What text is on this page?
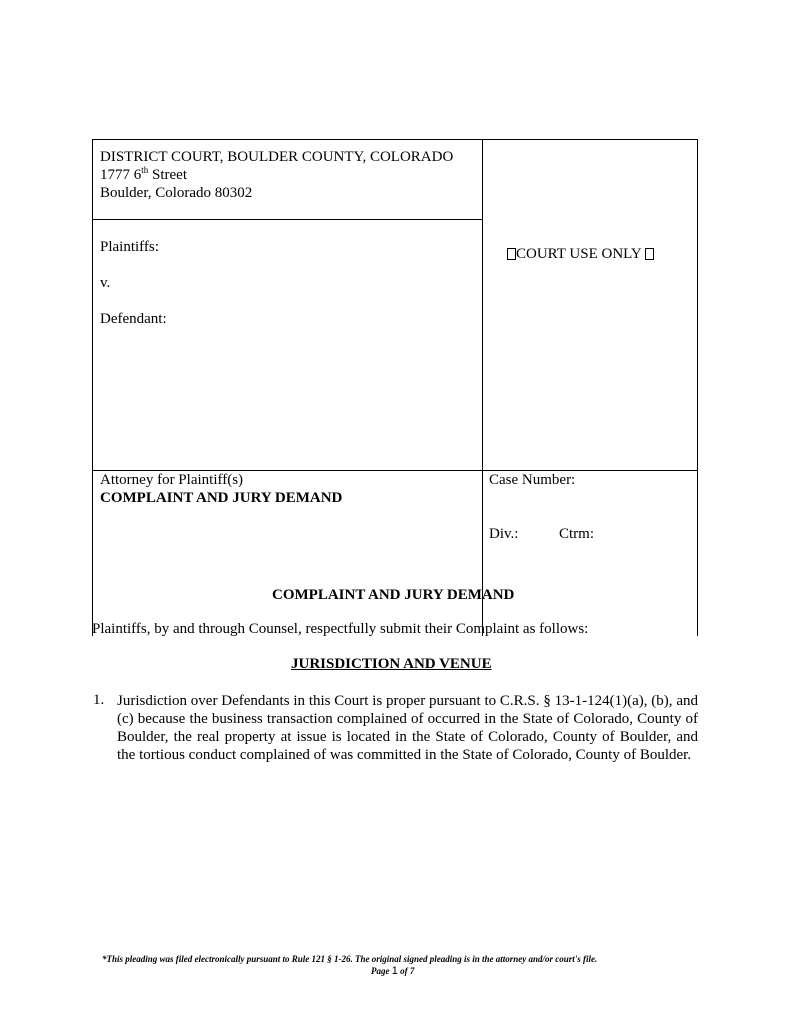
DISTRICT COURT, BOULDER COUNTY, COLORADO
1777 6th Street
Boulder, Colorado 80302
Plaintiffs:
v.
Defendant:
COURT USE ONLY
Attorney for Plaintiff(s)
COMPLAINT AND JURY DEMAND
Case Number:
Div.:	Ctrm:
COMPLAINT AND JURY DEMAND
Plaintiffs, by and through Counsel, respectfully submit their Complaint as follows:
JURISDICTION AND VENUE
1. Jurisdiction over Defendants in this Court is proper pursuant to C.R.S. § 13-1-124(1)(a), (b), and (c) because the business transaction complained of occurred in the State of Colorado, County of Boulder, the real property at issue is located in the State of Colorado, County of Boulder, and the tortious conduct complained of was committed in the State of Colorado, County of Boulder.
*This pleading was filed electronically pursuant to Rule 121 § 1-26. The original signed pleading is in the attorney and/or court's file.
Page 1 of 7
